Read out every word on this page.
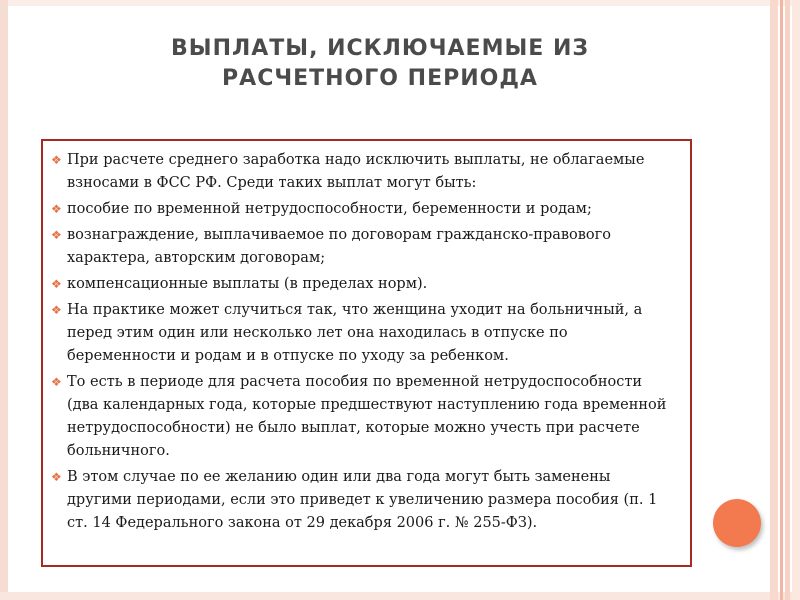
ВЫПЛАТЫ, ИСКЛЮЧАЕМЫЕ ИЗ
РАСЧЕТНОГО ПЕРИОДА
❖ При расчете среднего заработка надо исключить выплаты, не облагаемые взносами в ФСС РФ. Среди таких выплат могут быть:
❖ пособие по временной нетрудоспособности, беременности и родам;
❖ вознаграждение, выплачиваемое по договорам гражданско-правового характера, авторским договорам;
❖ компенсационные выплаты (в пределах норм).
❖ На практике может случиться так, что женщина уходит на больничный, а перед этим один или несколько лет она находилась в отпуске по беременности и родам и в отпуске по уходу за ребенком.
❖ То есть в периоде для расчета пособия по временной нетрудоспособности (два календарных года, которые предшествуют наступлению года временной нетрудоспособности) не было выплат, которые можно учесть при расчете больничного.
❖ В этом случае по ее желанию один или два года могут быть заменены другими периодами, если это приведет к увеличению размера пособия (п. 1 ст. 14 Федерального закона от 29 декабря 2006 г. № 255-ФЗ).
